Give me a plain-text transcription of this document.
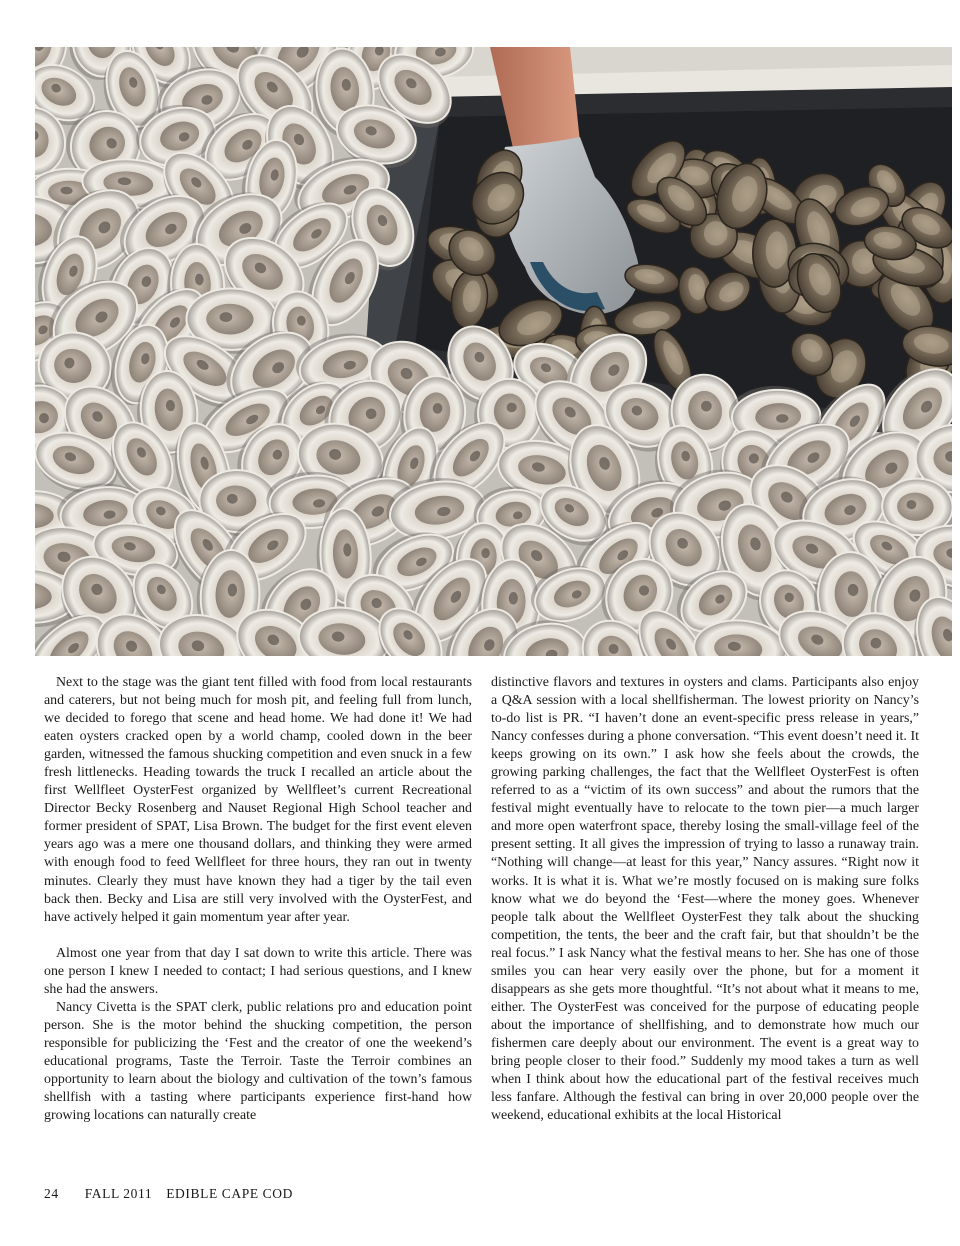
Next to the stage was the giant tent filled with food from local restaurants and caterers, but not being much for mosh pit, and feeling full from lunch, we decided to forego that scene and head home. We had done it! We had eaten oysters cracked open by a world champ, cooled down in the beer garden, witnessed the famous shucking competition and even snuck in a few fresh littlenecks. Heading towards the truck I recalled an article about the first Wellfleet OysterFest organized by Wellfleet’s current Recreational Director Becky Rosenberg and Nauset Regional High School teacher and former president of SPAT, Lisa Brown. The budget for the first event eleven years ago was a mere one thousand dollars, and thinking they were armed with enough food to feed Wellfleet for three hours, they ran out in twenty minutes. Clearly they must have known they had a tiger by the tail even back then. Becky and Lisa are still very involved with the OysterFest, and have actively helped it gain momentum year after year.

Almost one year from that day I sat down to write this article. There was one person I knew I needed to contact; I had serious questions, and I knew she had the answers.

Nancy Civetta is the SPAT clerk, public relations pro and education point person. She is the motor behind the shucking competition, the person responsible for publicizing the ‘Fest and the creator of one the weekend’s educational programs, Taste the Terroir. Taste the Terroir combines an opportunity to learn about the biology and cultivation of the town’s famous shellfish with a tasting where participants experience first-hand how growing locations can naturally create

distinctive flavors and textures in oysters and clams. Participants also enjoy a Q&A session with a local shellfisherman. The lowest priority on Nancy’s to-do list is PR. “I haven’t done an event-specific press release in years,” Nancy confesses during a phone conversation. “This event doesn’t need it. It keeps growing on its own.” I ask how she feels about the crowds, the growing parking challenges, the fact that the Wellfleet OysterFest is often referred to as a “victim of its own success” and about the rumors that the festival might eventually have to relocate to the town pier—a much larger and more open waterfront space, thereby losing the small-village feel of the present setting. It all gives the impression of trying to lasso a runaway train. “Nothing will change—at least for this year,” Nancy assures. “Right now it works. It is what it is. What we’re mostly focused on is making sure folks know what we do beyond the ‘Fest—where the money goes. Whenever people talk about the Wellfleet OysterFest they talk about the shucking competition, the tents, the beer and the craft fair, but that shouldn’t be the real focus.” I ask Nancy what the festival means to her. She has one of those smiles you can hear very easily over the phone, but for a moment it disappears as she gets more thoughtful. “It’s not about what it means to me, either. The OysterFest was conceived for the purpose of educating people about the importance of shellfishing, and to demonstrate how much our fishermen care deeply about our environment. The event is a great way to bring people closer to their food.” Suddenly my mood takes a turn as well when I think about how the educational part of the festival receives much less fanfare. Although the festival can bring in over 20,000 people over the weekend, educational exhibits at the local Historical

24 FALL 2011 EDIBLE CAPE COD
